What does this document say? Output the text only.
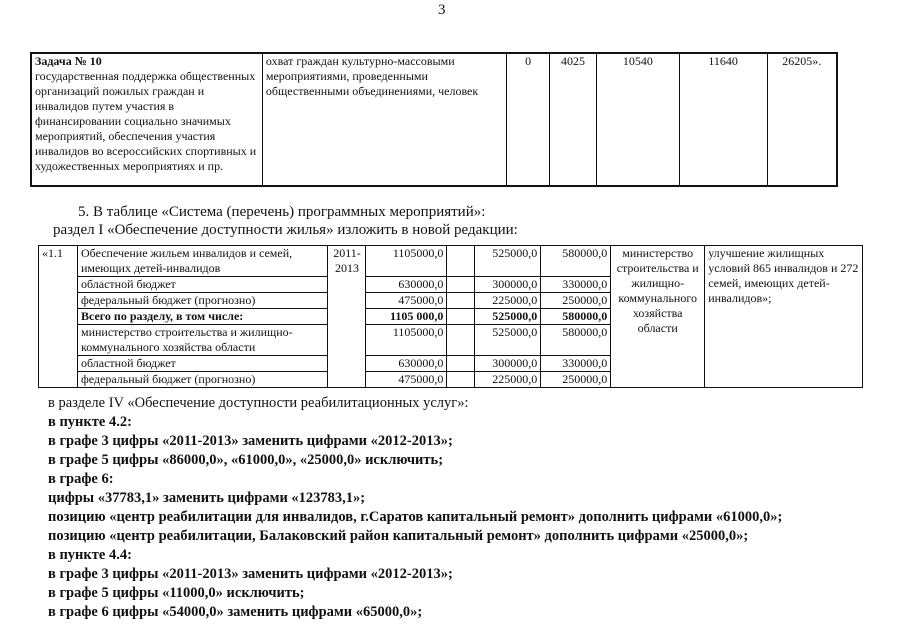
3
Задача № 10
государственная поддержка общественных организаций пожилых граждан и инвалидов путем участия в финансировании социально значимых мероприятий, обеспечения участия инвалидов во всероссийских спортивных и художественных мероприятиях и пр.
	охват граждан культурно-массовыми мероприятиями, проведенными общественными объединениями, человек	0	4025	10540	11640	26205».
5. В таблице «Система (перечень) программных мероприятий»:
раздел I «Обеспечение доступности жилья» изложить в новой редакции:
«1.1	Обеспечение жильем инвалидов и семей, имеющих детей-инвалидов	2011-2013	1105000,0		525000,0	580000,0	министерство строительства и жилищно-коммунального хозяйства области	улучшение жилищных условий 865 инвалидов и 272 семей, имеющих детей-инвалидов»;
	областной бюджет		630000,0		300000,0	330000,0		
	федеральный бюджет (прогнозно)		475000,0		225000,0	250000,0		
	Всего по разделу, в том числе:		1105 000,0		525000,0	580000,0		
	министерство строительства и жилищно-коммунального хозяйства области		1105000,0		525000,0	580000,0		
	областной бюджет		630000,0		300000,0	330000,0		
	федеральный бюджет (прогнозно)		475000,0		225000,0	250000,0		
в разделе IV «Обеспечение доступности реабилитационных услуг»:
в пункте 4.2:
в графе 3 цифры «2011-2013» заменить цифрами «2012-2013»;
в графе 5 цифры «86000,0», «61000,0», «25000,0» исключить;
в графе 6:
цифры «37783,1» заменить цифрами «123783,1»;
позицию «центр реабилитации для инвалидов, г.Саратов капитальный ремонт» дополнить цифрами «61000,0»;
позицию «центр реабилитации, Балаковский район капитальный ремонт» дополнить цифрами «25000,0»;
в пункте 4.4:
в графе 3 цифры «2011-2013» заменить цифрами «2012-2013»;
в графе 5 цифры «11000,0» исключить;
в графе 6 цифры «54000,0» заменить цифрами «65000,0»;
